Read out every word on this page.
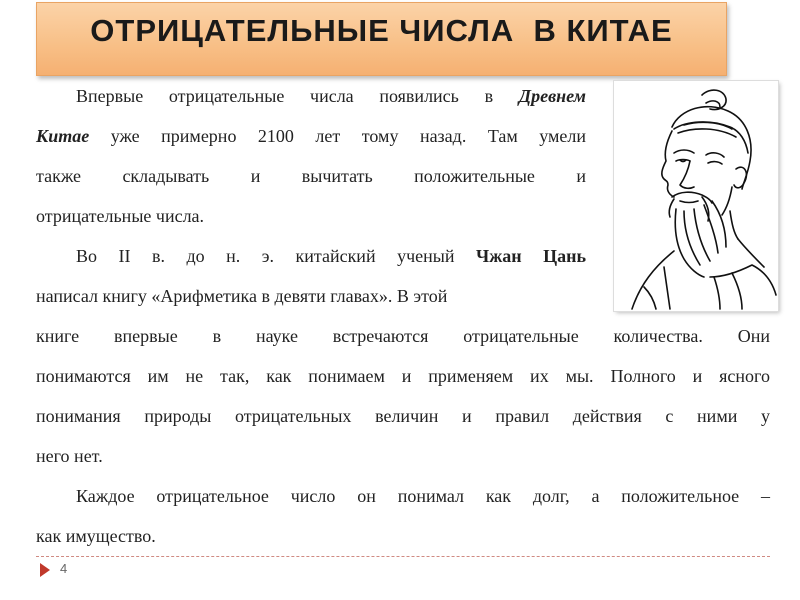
ОТРИЦАТЕЛЬНЫЕ ЧИСЛА  В КИТАЕ
Впервые отрицательные числа появились в Древнем
Китае уже примерно 2100 лет тому назад. Там умели
также складывать и вычитать положительные и
отрицательные числа.
Во II в. до н. э. китайский ученый Чжан Цань
написал книгу «Арифметика в девяти главах». В этой
книге впервые в науке встречаются отрицательные количества. Они
понимаются им не так, как понимаем и применяем их мы. Полного и ясного
понимания природы отрицательных величин и правил действия с ними у
него нет.
Каждое отрицательное число он понимал как долг, а положительное –
как имущество.
4
